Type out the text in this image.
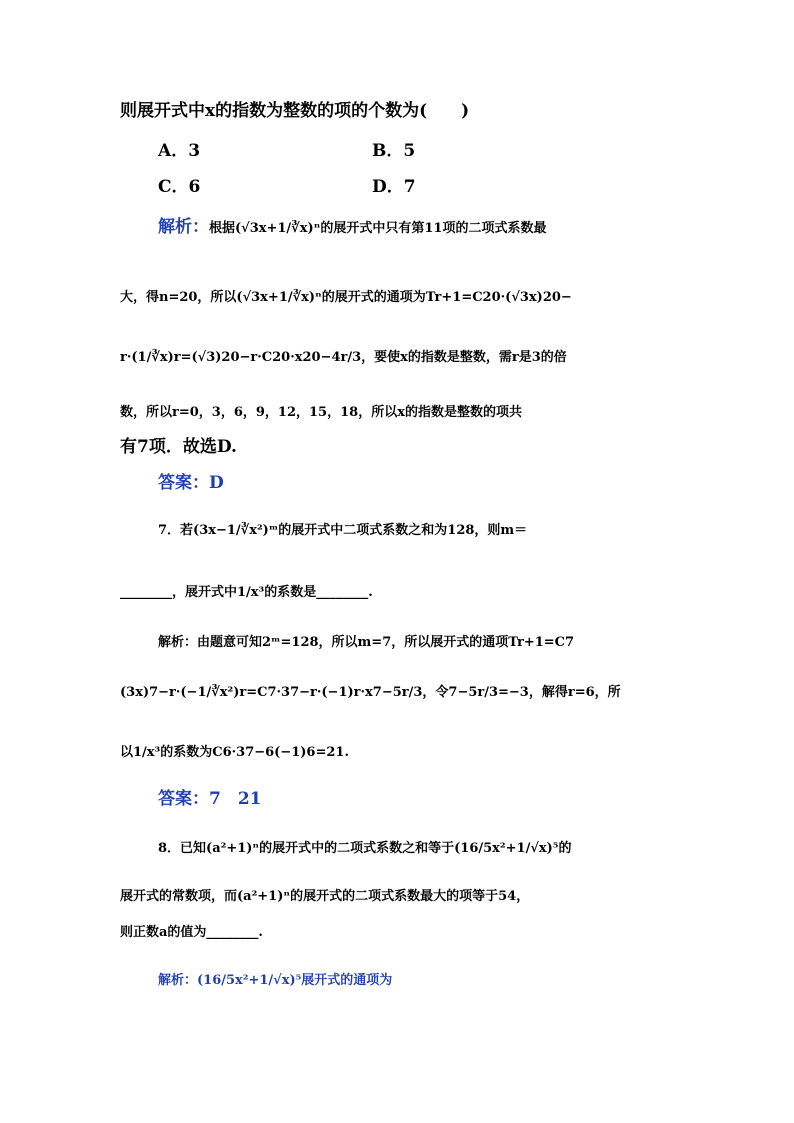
则展开式中x的指数为整数的项的个数为(　　)
A．3	B．5
C．6	D．7
解析：根据(√3x+1/∛x)ⁿ的展开式中只有第11项的二项式系数最
大，得n=20，所以(√3x+1/∛x)ⁿ的展开式的通项为Tr+1=C20·(√3x)20−
r·(1/∛x)r=(√3)20−r·C20·x20−4r/3，要使x的指数是整数，需r是3的倍
数，所以r=0，3，6，9，12，15，18，所以x的指数是整数的项共
有7项．故选D.
答案：D
7．若(3x−1/∛x²)ᵐ的展开式中二项式系数之和为128，则m＝
________，展开式中1/x³的系数是________.
解析：由题意可知2ᵐ=128，所以m=7，所以展开式的通项Tr+1=C7
(3x)7−r·(−1/∛x²)r=C7·37−r·(−1)r·x7−5r/3，令7−5r/3=−3，解得r=6，所
以1/x³的系数为C6·37−6(−1)6=21.
答案：7　21
8．已知(a²+1)ⁿ的展开式中的二项式系数之和等于(16/5x²+1/√x)⁵的
展开式的常数项，而(a²+1)ⁿ的展开式的二项式系数最大的项等于54，
则正数a的值为________.
解析：(16/5x²+1/√x)⁵展开式的通项为
